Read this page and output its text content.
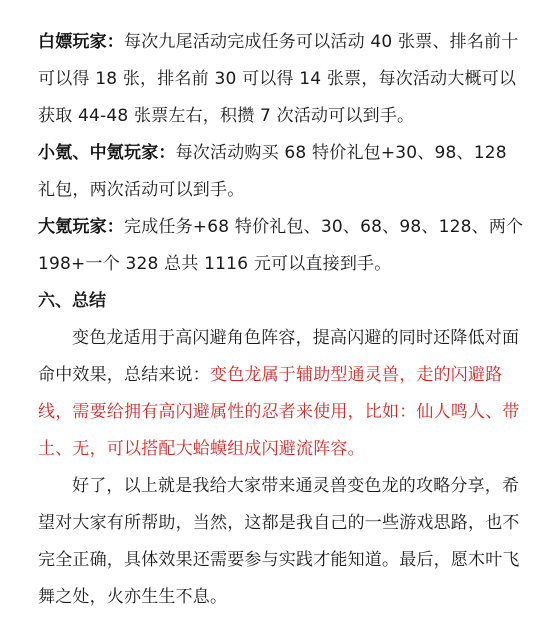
白嫖玩家：每次九尾活动完成任务可以活动 40 张票、排名前十可以得 18 张，排名前 30 可以得 14 张票，每次活动大概可以获取 44-48 张票左右，积攒 7 次活动可以到手。

小氪、中氪玩家：每次活动购买 68 特价礼包+30、98、128 礼包，两次活动可以到手。

大氪玩家：完成任务+68 特价礼包、30、68、98、128、两个 198+一个 328 总共 1116 元可以直接到手。

六、总结

变色龙适用于高闪避角色阵容，提高闪避的同时还降低对面命中效果，总结来说：变色龙属于辅助型通灵兽，走的闪避路线，需要给拥有高闪避属性的忍者来使用，比如：仙人鸣人、带土、无，可以搭配大蛤蟆组成闪避流阵容。

好了，以上就是我给大家带来通灵兽变色龙的攻略分享，希望对大家有所帮助，当然，这都是我自己的一些游戏思路，也不完全正确，具体效果还需要参与实践才能知道。最后，愿木叶飞舞之处，火亦生生不息。
